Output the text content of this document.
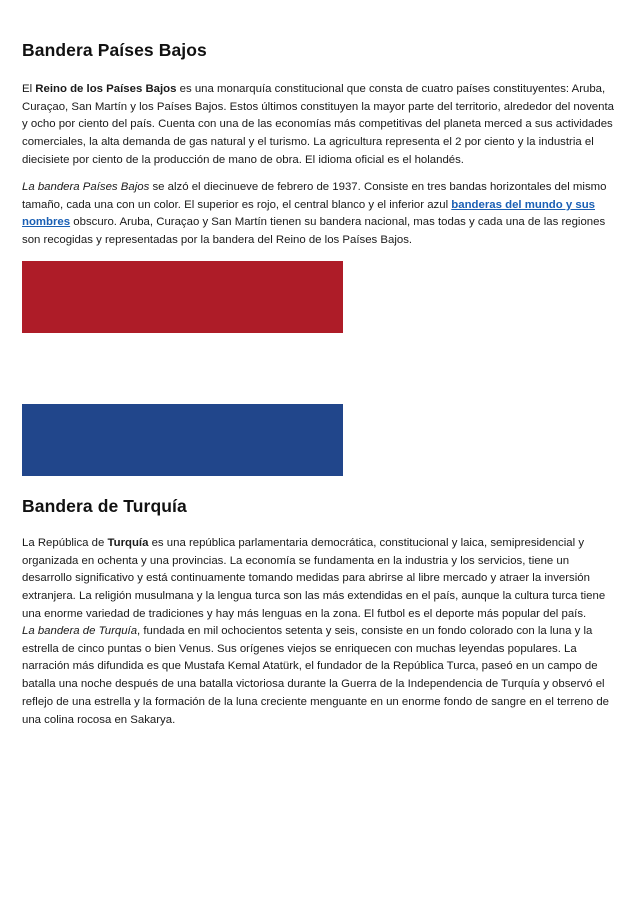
Bandera Países Bajos

El Reino de los Países Bajos es una monarquía constitucional que consta de cuatro países constituyentes: Aruba, Curaçao, San Martín y los Países Bajos. Estos últimos constituyen la mayor parte del territorio, alrededor del noventa y ocho por ciento del país. Cuenta con una de las economías más competitivas del planeta merced a sus actividades comerciales, la alta demanda de gas natural y el turismo. La agricultura representa el 2 por ciento y la industria el diecisiete por ciento de la producción de mano de obra. El idioma oficial es el holandés.

La bandera Países Bajos se alzó el diecinueve de febrero de 1937. Consiste en tres bandas horizontales del mismo tamaño, cada una con un color. El superior es rojo, el central blanco y el inferior azul banderas del mundo y sus nombres obscuro. Aruba, Curaçao y San Martín tienen su bandera nacional, mas todas y cada una de las regiones son recogidas y representadas por la bandera del Reino de los Países Bajos.

Bandera de Turquía

La República de Turquía es una república parlamentaria democrática, constitucional y laica, semipresidencial y organizada en ochenta y una provincias. La economía se fundamenta en la industria y los servicios, tiene un desarrollo significativo y está continuamente tomando medidas para abrirse al libre mercado y atraer la inversión extranjera. La religión musulmana y la lengua turca son las más extendidas en el país, aunque la cultura turca tiene una enorme variedad de tradiciones y hay más lenguas en la zona. El futbol es el deporte más popular del país.

La bandera de Turquía, fundada en mil ochocientos setenta y seis, consiste en un fondo colorado con la luna y la estrella de cinco puntas o bien Venus. Sus orígenes viejos se enriquecen con muchas leyendas populares. La narración más difundida es que Mustafa Kemal Atatürk, el fundador de la República Turca, paseó en un campo de batalla una noche después de una batalla victoriosa durante la Guerra de la Independencia de Turquía y observó el reflejo de una estrella y la formación de la luna creciente menguante en un enorme fondo de sangre en el terreno de una colina rocosa en Sakarya.
